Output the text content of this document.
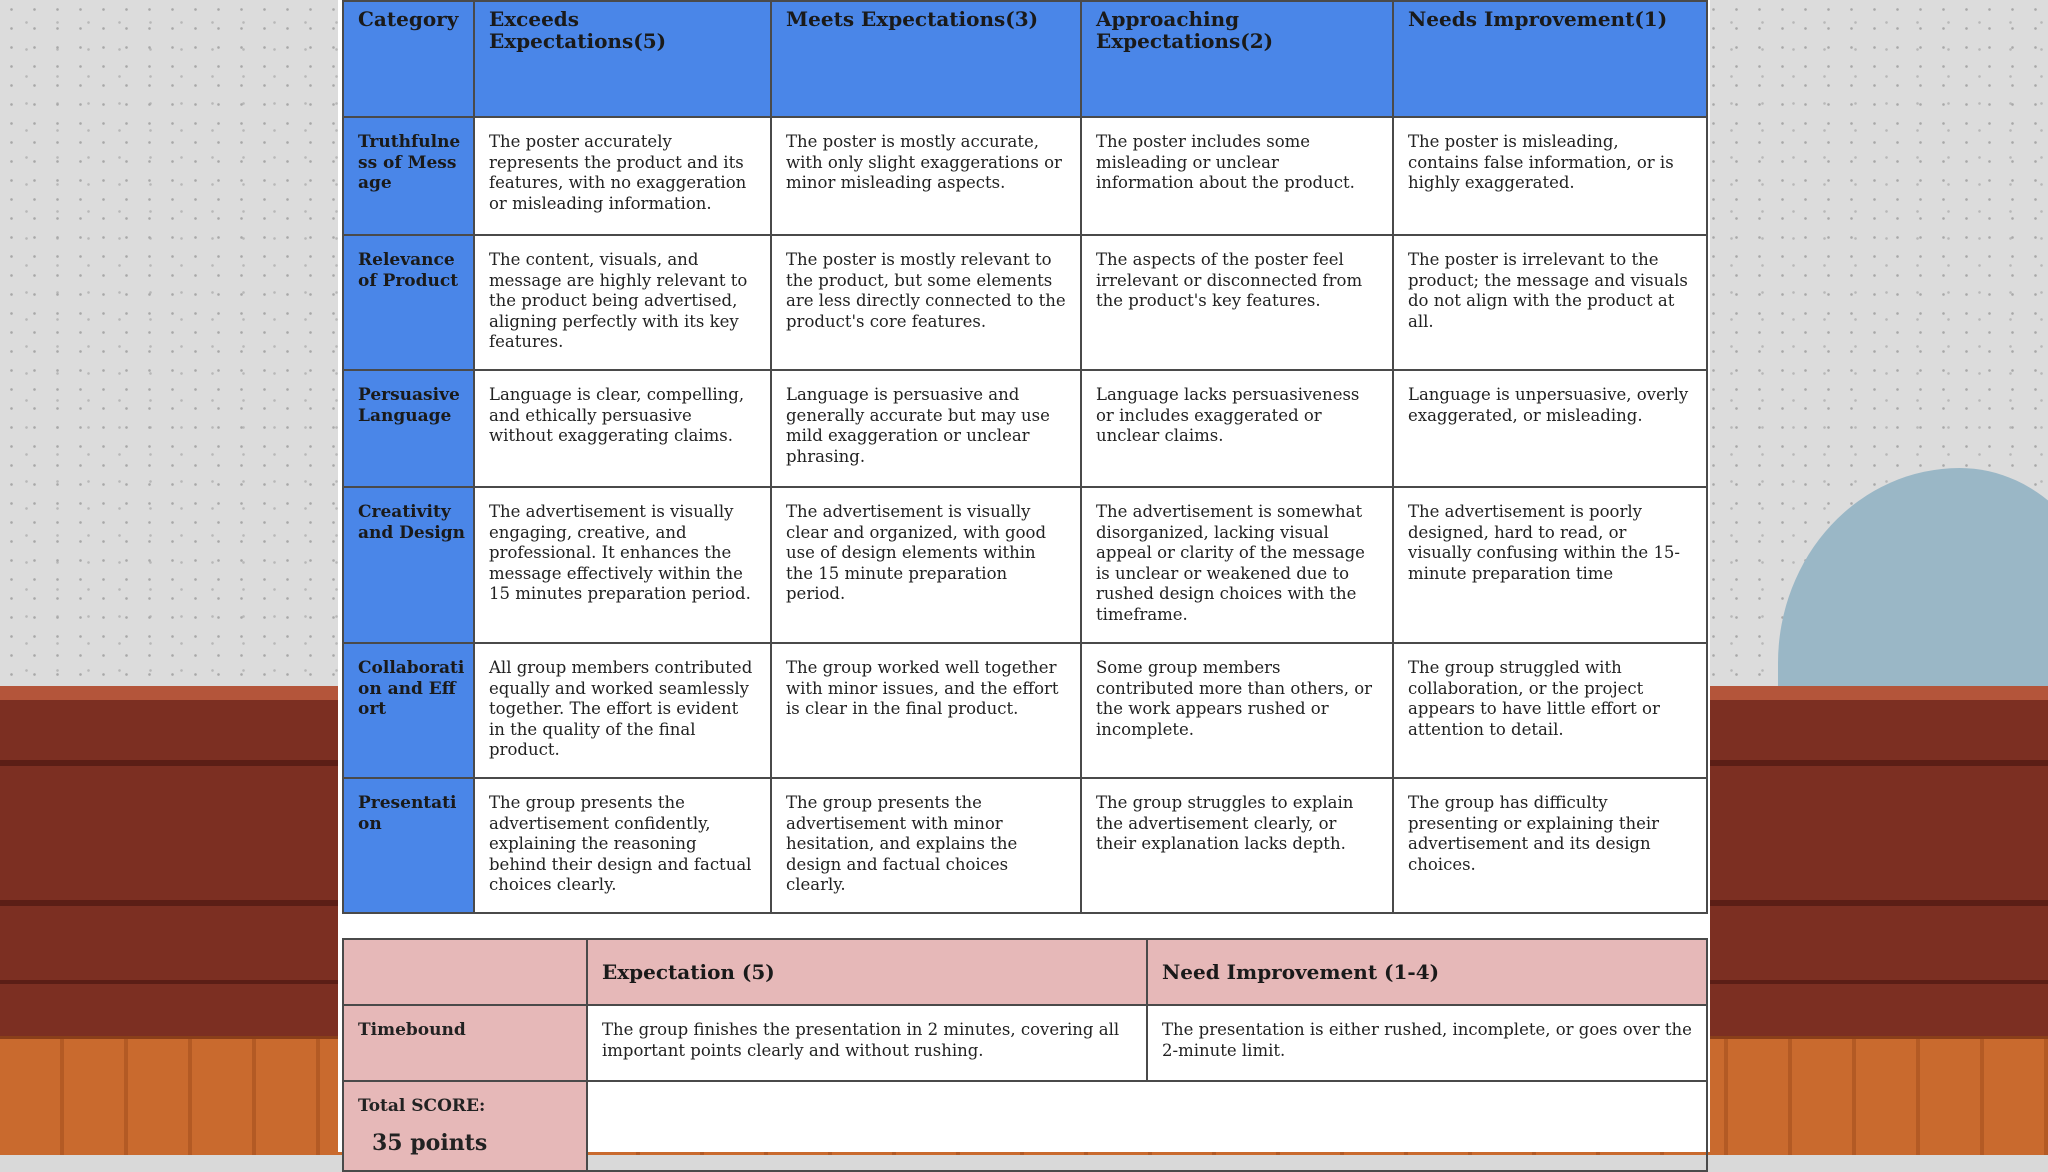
Category	Exceeds Expectations(5)	Meets Expectations(3)	Approaching Expectations(2)	Needs Improvement(1)
Truthfulness of Message	The poster accurately represents the product and its features, with no exaggeration or misleading information.	The poster is mostly accurate, with only slight exaggerations or minor misleading aspects.	The poster includes some misleading or unclear information about the product.	The poster is misleading, contains false information, or is highly exaggerated.
Relevance of Product	The content, visuals, and message are highly relevant to the product being advertised, aligning perfectly with its key features.	The poster is mostly relevant to the product, but some elements are less directly connected to the product's core features.	The aspects of the poster feel irrelevant or disconnected from the product's key features.	The poster is irrelevant to the product; the message and visuals do not align with the product at all.
Persuasive Language	Language is clear, compelling, and ethically persuasive without exaggerating claims.	Language is persuasive and generally accurate but may use mild exaggeration or unclear phrasing.	Language lacks persuasiveness or includes exaggerated or unclear claims.	Language is unpersuasive, overly exaggerated, or misleading.
Creativity and Design	The advertisement is visually engaging, creative, and professional. It enhances the message effectively within the 15 minutes preparation period.	The advertisement is visually clear and organized, with good use of design elements within the 15 minute preparation period.	The advertisement is somewhat disorganized, lacking visual appeal or clarity of the message is unclear or weakened due to rushed design choices with the timeframe.	The advertisement is poorly designed, hard to read, or visually confusing within the 15-minute preparation time
Collaboration and Effort	All group members contributed equally and worked seamlessly together. The effort is evident in the quality of the final product.	The group worked well together with minor issues, and the effort is clear in the final product.	Some group members contributed more than others, or the work appears rushed or incomplete.	The group struggled with collaboration, or the project appears to have little effort or attention to detail.
Presentation	The group presents the advertisement confidently, explaining the reasoning behind their design and factual choices clearly.	The group presents the advertisement with minor hesitation, and explains the design and factual choices clearly.	The group struggles to explain the advertisement clearly, or their explanation lacks depth.	The group has difficulty presenting or explaining their advertisement and its design choices.
	Expectation (5)	Need Improvement (1-4)
Timebound	The group finishes the presentation in 2 minutes, covering all important points clearly and without rushing.	The presentation is either rushed, incomplete, or goes over the 2-minute limit.
Total SCORE:
35 points		
